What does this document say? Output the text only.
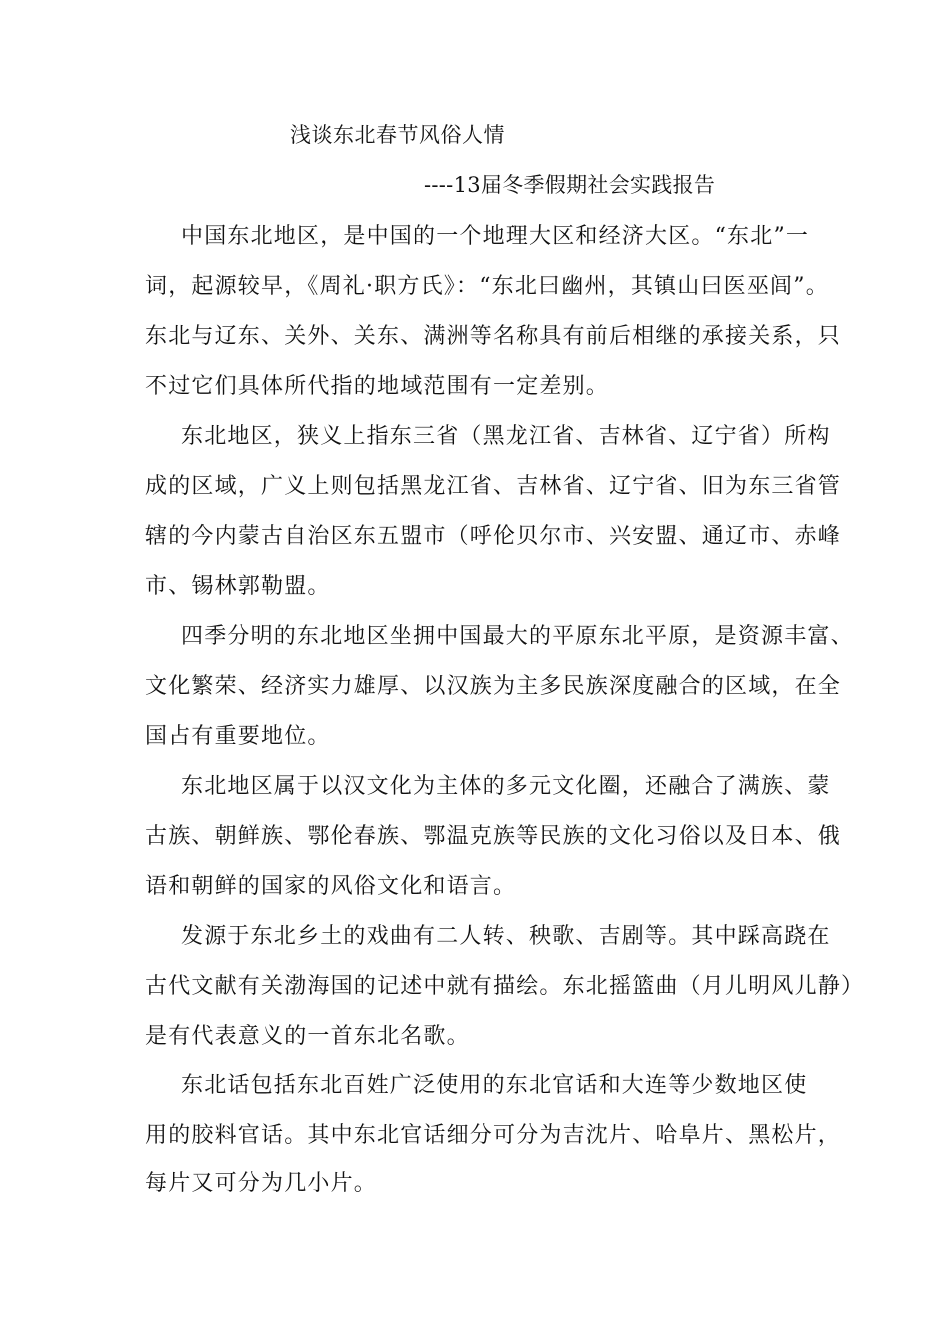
浅谈东北春节风俗人情
----13届冬季假期社会实践报告
中国东北地区，是中国的一个地理大区和经济大区。“东北”一
词，起源较早，《周礼·职方氏》：“东北曰幽州，其镇山曰医巫闾”。
东北与辽东、关外、关东、满洲等名称具有前后相继的承接关系，只
不过它们具体所代指的地域范围有一定差别。
东北地区，狭义上指东三省（黑龙江省、吉林省、辽宁省）所构
成的区域，广义上则包括黑龙江省、吉林省、辽宁省、旧为东三省管
辖的今内蒙古自治区东五盟市（呼伦贝尔市、兴安盟、通辽市、赤峰
市、锡林郭勒盟。
四季分明的东北地区坐拥中国最大的平原东北平原，是资源丰富、
文化繁荣、经济实力雄厚、以汉族为主多民族深度融合的区域，在全
国占有重要地位。
东北地区属于以汉文化为主体的多元文化圈，还融合了满族、蒙
古族、朝鲜族、鄂伦春族、鄂温克族等民族的文化习俗以及日本、俄
语和朝鲜的国家的风俗文化和语言。
发源于东北乡土的戏曲有二人转、秧歌、吉剧等。其中踩高跷在
古代文献有关渤海国的记述中就有描绘。东北摇篮曲（月儿明风儿静）
是有代表意义的一首东北名歌。
东北话包括东北百姓广泛使用的东北官话和大连等少数地区使
用的胶料官话。其中东北官话细分可分为吉沈片、哈阜片、黑松片，
每片又可分为几小片。
